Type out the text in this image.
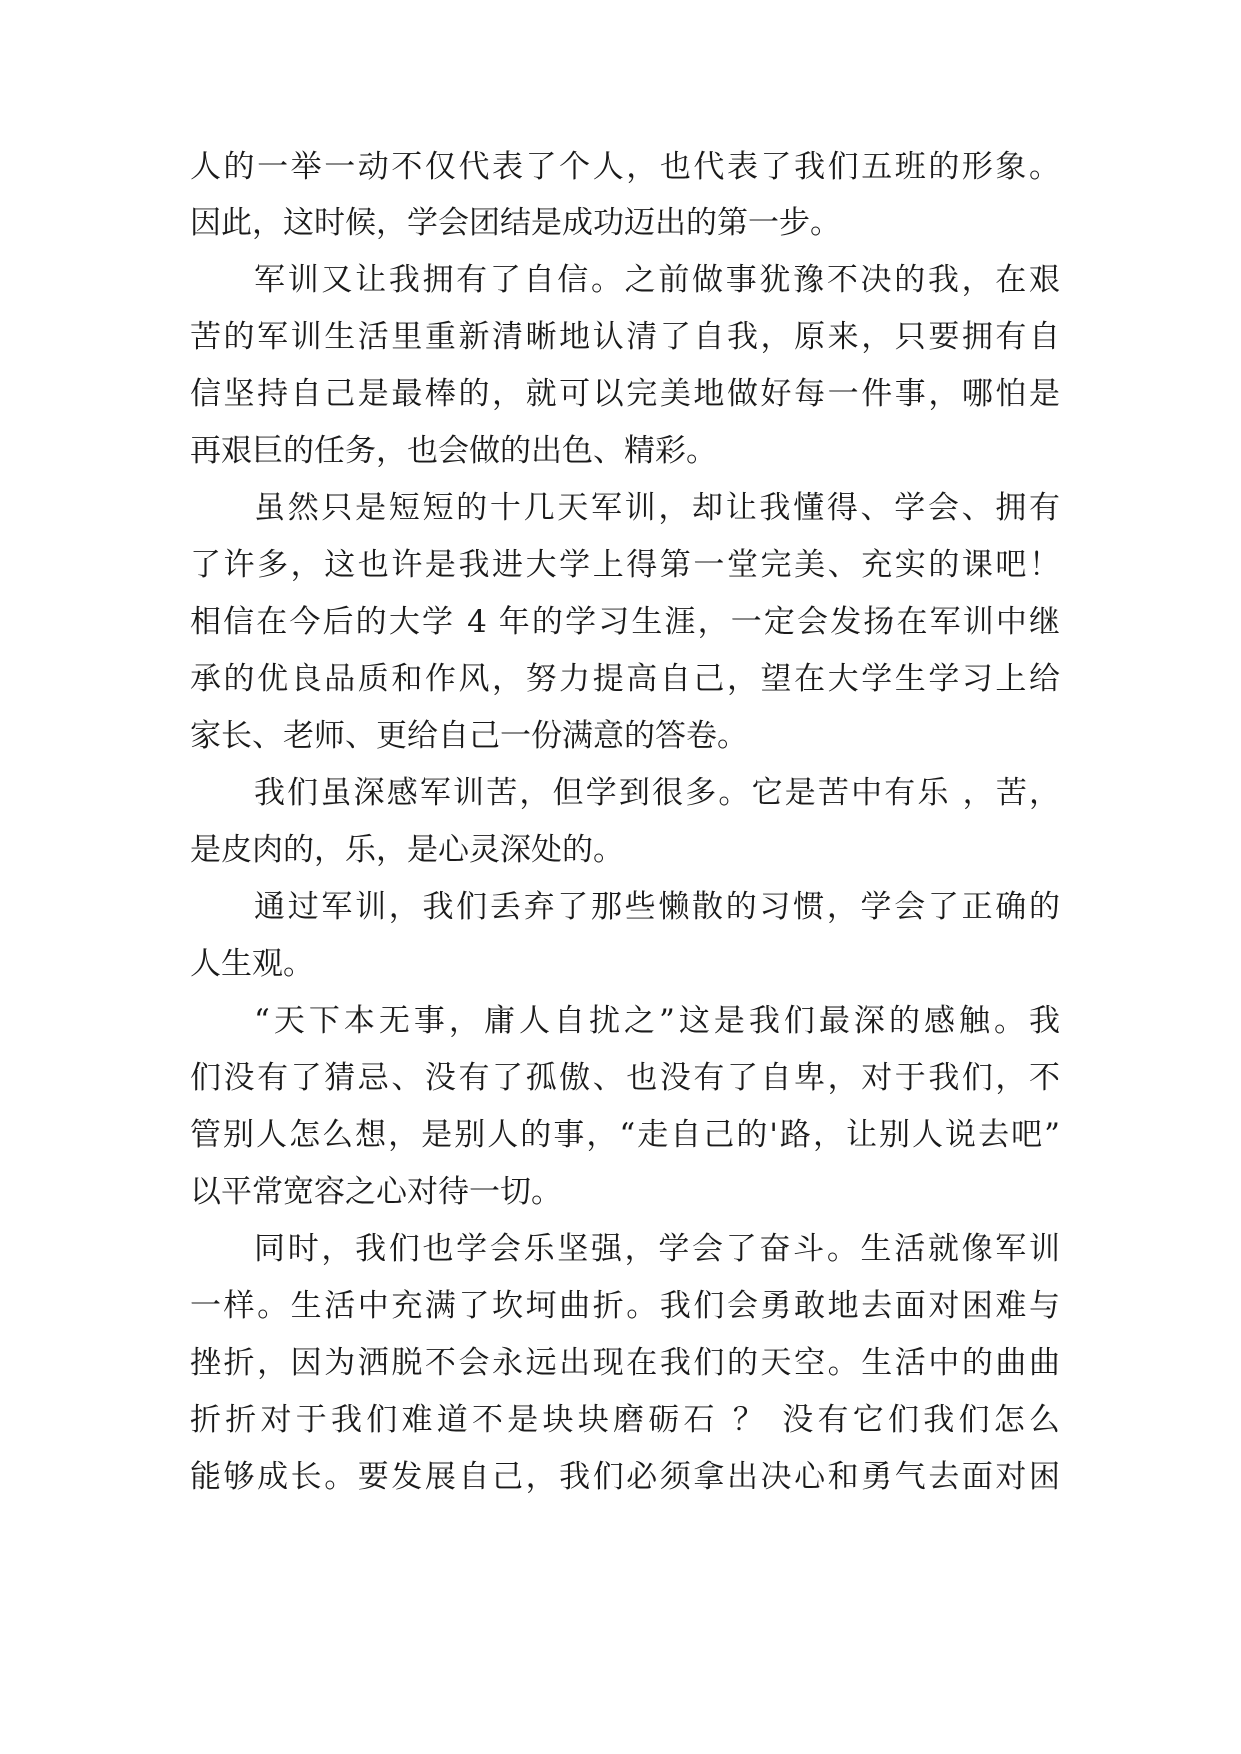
人的一举一动不仅代表了个人，也代表了我们五班的形象。
因此，这时候，学会团结是成功迈出的第一步。
军训又让我拥有了自信。之前做事犹豫不决的我，在艰
苦的军训生活里重新清晰地认清了自我，原来，只要拥有自
信坚持自己是最棒的，就可以完美地做好每一件事，哪怕是
再艰巨的任务，也会做的出色、精彩。
虽然只是短短的十几天军训，却让我懂得、学会、拥有
了许多，这也许是我进大学上得第一堂完美、充实的课吧！
相信在今后的大学 4 年的学习生涯，一定会发扬在军训中继
承的优良品质和作风，努力提高自己，望在大学生学习上给
家长、老师、更给自己一份满意的答卷。
我们虽深感军训苦，但学到很多。它是苦中有乐 ，苦，
是皮肉的，乐，是心灵深处的。
通过军训，我们丢弃了那些懒散的习惯，学会了正确的
人生观。
“天下本无事，庸人自扰之”这是我们最深的感触。我
们没有了猜忌、没有了孤傲、也没有了自卑，对于我们，不
管别人怎么想，是别人的事，“走自己的'路，让别人说去吧”
以平常宽容之心对待一切。
同时，我们也学会乐坚强，学会了奋斗。生活就像军训
一样。生活中充满了坎坷曲折。我们会勇敢地去面对困难与
挫折，因为洒脱不会永远出现在我们的天空。生活中的曲曲
折折对于我们难道不是块块磨砺石 ？ 没有它们我们怎么
能够成长。要发展自己，我们必须拿出决心和勇气去面对困
